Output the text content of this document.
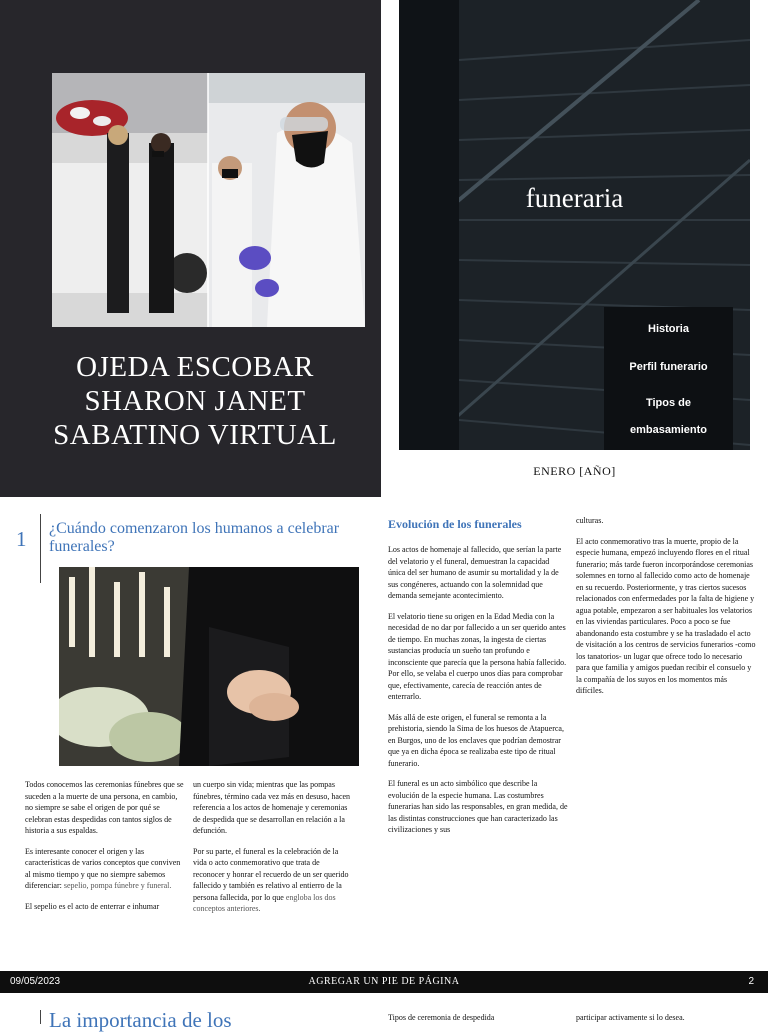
OJEDA ESCOBAR
SHARON JANET
SABATINO VIRTUAL
funeraria
Historia
Perfil funerario
Tipos de
embasamiento
ENERO [AÑO]
1 ¿Cuándo comenzaron los humanos a celebrar funerales?

Todos conocemos las ceremonias fúnebres que se suceden a la muerte de una persona, en cambio, no siempre se sabe el origen de por qué se celebran estas despedidas con tantos siglos de historia a sus espaldas.

Es interesante conocer el origen y las características de varios conceptos que conviven al mismo tiempo y que no siempre sabemos diferenciar: sepelio, pompa fúnebre y funeral.

El sepelio es el acto de enterrar e inhumar

un cuerpo sin vida; mientras que las pompas fúnebres, término cada vez más en desuso, hacen referencia a los actos de homenaje y ceremonias de despedida que se desarrollan en relación a la defunción.

Por su parte, el funeral es la celebración de la vida o acto conmemorativo que trata de reconocer y honrar el recuerdo de un ser querido fallecido y también es relativo al entierro de la persona fallecida, por lo que engloba los dos conceptos anteriores.

Evolución de los funerales

Los actos de homenaje al fallecido, que serían la parte del velatorio y el funeral, demuestran la capacidad única del ser humano de asumir su mortalidad y la de sus congéneres, actuando con la solemnidad que demanda semejante acontecimiento.

El velatorio tiene su origen en la Edad Media con la necesidad de no dar por fallecido a un ser querido antes de tiempo. En muchas zonas, la ingesta de ciertas sustancias producía un sueño tan profundo e inconsciente que parecía que la persona había fallecido. Por ello, se velaba el cuerpo unos días para comprobar que, efectivamente, carecía de reacción antes de enterrarlo.

Más allá de este origen, el funeral se remonta a la prehistoria, siendo la Sima de los huesos de Atapuerca, en Burgos, uno de los enclaves que podrían demostrar que ya en dicha época se realizaba este tipo de ritual funerario.

El funeral es un acto simbólico que describe la evolución de la especie humana. Las costumbres funerarias han sido las responsables, en gran medida, de las distintas construcciones que han caracterizado las civilizaciones y sus

culturas.

El acto conmemorativo tras la muerte, propio de la especie humana, empezó incluyendo flores en el ritual funerario; más tarde fueron incorporándose ceremonias solemnes en torno al fallecido como acto de homenaje en su recuerdo. Posteriormente, y tras ciertos sucesos relacionados con enfermedades por la falta de higiene y agua potable, empezaron a ser habituales los velatorios en las viviendas particulares. Poco a poco se fue abandonando esta costumbre y se ha trasladado el acto de visitación a los centros de servicios funerarios -como los tanatorios- un lugar que ofrece todo lo necesario para que familia y amigos puedan recibir el consuelo y la compañía de los suyos en los momentos más difíciles.

09/05/2023	AGREGAR UN PIE DE PÁGINA	2
La importancia de los	Tipos de ceremonia de despedida	participar activamente si lo desea.
